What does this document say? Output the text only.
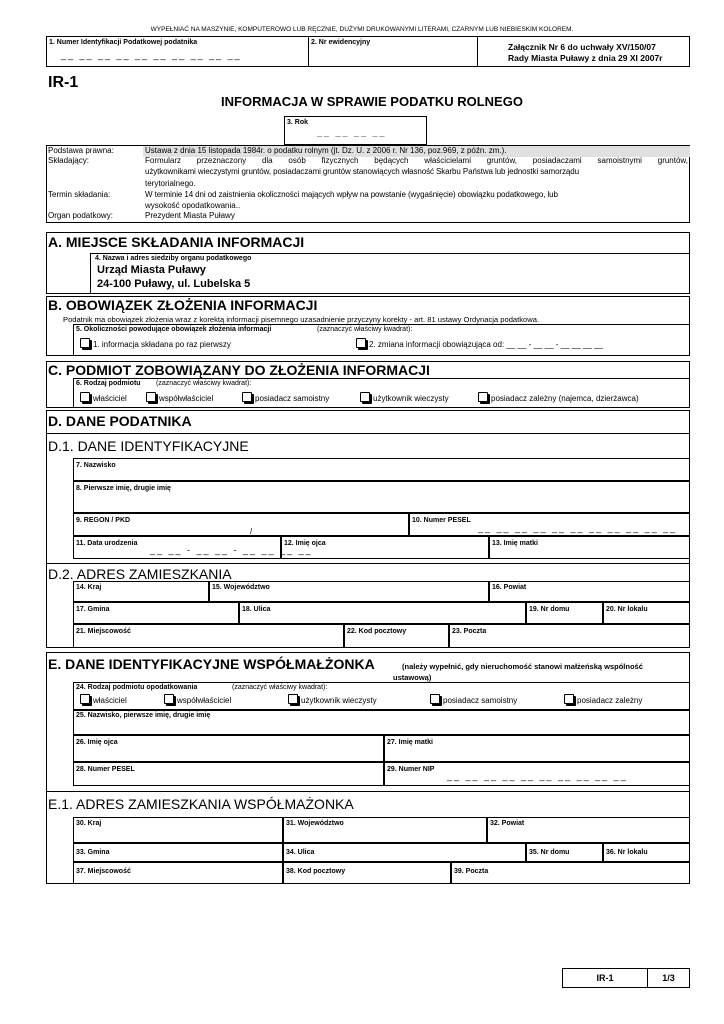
WYPEŁNIAĆ NA MASZYNIE, KOMPUTEROWO LUB RĘCZNIE, DUŻYMI DRUKOWANYMI LITERAMI, CZARNYM LUB NIEBIESKIM KOLOREM.
1. Numer Identyfikacji Podatkowej podatnika
__ __ __ __ __ __ __ __ __ __
2. Nr ewidencyjny	Załącznik Nr 6 do uchwały XV/150/07
Rady Miasta Puławy z dnia 29 XI 2007r
IR-1
INFORMACJA W SPRAWIE PODATKU ROLNEGO
3. Rok
__ __ __ __
Podstawa prawna:	Ustawa z dnia 15 listopada 1984r. o podatku rolnym (jt. Dz. U. z 2006 r. Nr 136, poz.969, z późn. zm.).
Składający:	Formularz przeznaczony dla osób fizycznych będących właścicielami gruntów, posiadaczami samoistnymi gruntów,
użytkownikami wieczystymi gruntów, posiadaczami gruntów stanowiących własność Skarbu Państwa lub jednostki samorządu
terytorialnego.
Termin składania:	W terminie 14 dni od zaistnienia okoliczności mających wpływ na powstanie (wygaśnięcie) obowiązku podatkowego, lub
wysokość opodatkowania..
Organ podatkowy:	Prezydent Miasta Puławy
A. MIEJSCE SKŁADANIA INFORMACJI
4. Nazwa i adres siedziby organu podatkowego
Urząd Miasta Puławy
24-100 Puławy, ul. Lubelska 5
B. OBOWIĄZEK ZŁOŻENIA INFORMACJI
Podatnik ma obowiązek złożenia wraz z korektą informacji pisemnego uzasadnienie przyczyny korekty - art. 81 ustawy Ordynacja podatkowa.
5. Okoliczności powodujące obowiązek złożenia informacji	(zaznaczyć właściwy kwadrat):
1. informacja składana po raz pierwszy	2. zmiana informacji obowiązująca od: __ __ - __ __ - __ __ __ __
C. PODMIOT ZOBOWIĄZANY DO ZŁOŻENIA INFORMACJI
6. Rodzaj podmiotu (zaznaczyć właściwy kwadrat):
właściciel	współwłaściciel	posiadacz samoistny	użytkownik wieczysty	posiadacz zależny (najemca, dzierżawca)
D. DANE PODATNIKA
D.1. DANE IDENTYFIKACYJNE
7. Nazwisko
8. Pierwsze imię, drugie imię
9. REGON / PKD
/
10. Numer PESEL
__ __ __ __ __ __ __ __ __ __ __
11. Data urodzenia
__ __ - __ __ - __ __ __ __
12. Imię ojca	13. Imię matki
D.2. ADRES ZAMIESZKANIA
14. Kraj	15. Województwo	16. Powiat
17. Gmina	18. Ulica	19. Nr domu	20. Nr lokalu
21. Miejscowość	22. Kod pocztowy	23. Poczta
E. DANE IDENTYFIKACYJNE WSPÓŁMAŁŻONKA	(należy wypełnić, gdy nieruchomość stanowi małżeńską wspólność
ustawową)
24. Rodzaj podmiotu opodatkowania	(zaznaczyć właściwy kwadrat):
właściciel	współwłaściciel	użytkownik wieczysty	posiadacz samoistny	posiadacz zależny
25. Nazwisko, pierwsze imię, drugie imię
26. Imię ojca	27. Imię matki
28. Numer PESEL	29. Numer NIP
__ __ __ __ __ __ __ __ __ __
E.1. ADRES ZAMIESZKANIA WSPÓŁMAŻONKA
30. Kraj	31. Województwo	32. Powiat
33. Gmina	34. Ulica	35. Nr domu	36. Nr lokalu
37. Miejscowość	38. Kod pocztowy	39. Poczta
IR-1	1/3
